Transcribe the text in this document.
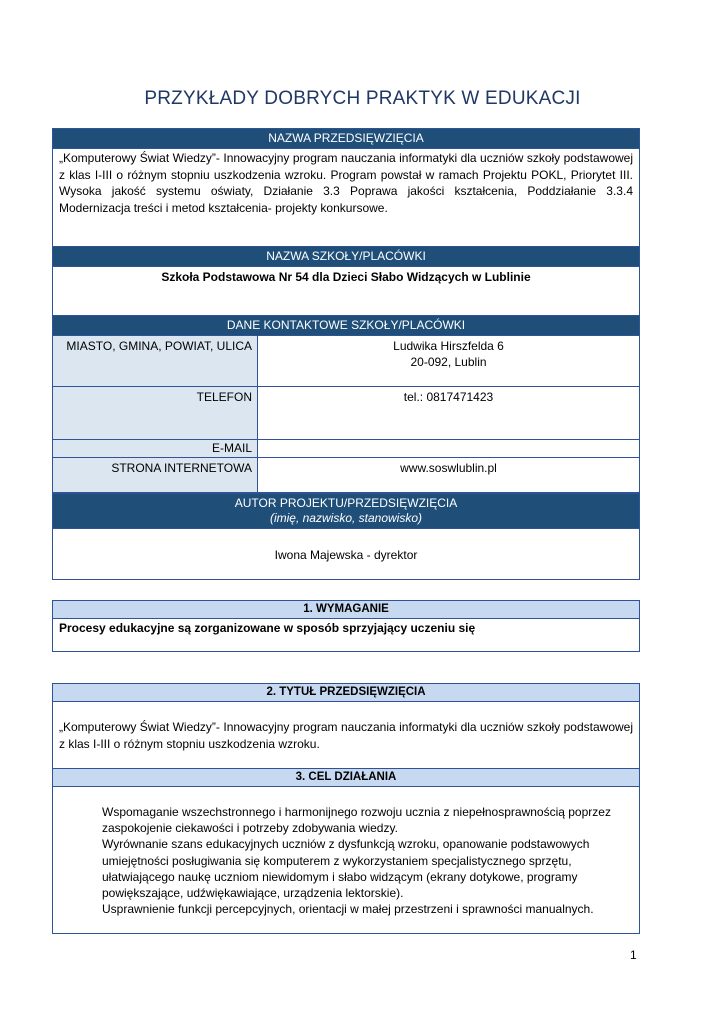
PRZYKŁADY DOBRYCH PRAKTYK W EDUKACJI
NAZWA PRZEDSIĘWZIĘCIA
„Komputerowy Świat Wiedzy”- Innowacyjny program nauczania informatyki dla uczniów szkoły podstawowej z klas I-III o różnym stopniu uszkodzenia wzroku. Program powstał w ramach Projektu POKL, Priorytet III. Wysoka jakość systemu oświaty, Działanie 3.3 Poprawa jakości kształcenia, Poddziałanie 3.3.4 Modernizacja treści i metod kształcenia- projekty konkursowe.
NAZWA SZKOŁY/PLACÓWKI
Szkoła Podstawowa Nr 54 dla Dzieci Słabo Widzących w Lublinie
DANE KONTAKTOWE SZKOŁY/PLACÓWKI
MIASTO, GMINA, POWIAT, ULICA	Ludwika Hirszfelda 6
20-092, Lublin
TELEFON	tel.: 0817471423
E-MAIL
STRONA INTERNETOWA	www.soswlublin.pl
AUTOR PROJEKTU/PRZEDSIĘWZIĘCIA
(imię, nazwisko, stanowisko)
Iwona Majewska - dyrektor
1. WYMAGANIE
Procesy edukacyjne są zorganizowane w sposób sprzyjający uczeniu się
2. TYTUŁ PRZEDSIĘWZIĘCIA
„Komputerowy Świat Wiedzy”- Innowacyjny program nauczania informatyki dla uczniów szkoły podstawowej z klas I-III o różnym stopniu uszkodzenia wzroku.
3. CEL DZIAŁANIA

Wspomaganie wszechstronnego i harmonijnego rozwoju ucznia z niepełnosprawnością poprzez zaspokojenie ciekawości i potrzeby zdobywania wiedzy.

Wyrównanie szans edukacyjnych uczniów z dysfunkcją wzroku, opanowanie podstawowych umiejętności posługiwania się komputerem z wykorzystaniem specjalistycznego sprzętu, ułatwiającego naukę uczniom niewidomym i słabo widzącym (ekrany dotykowe, programy powiększające, udźwiękawiające, urządzenia lektorskie).

Usprawnienie funkcji percepcyjnych, orientacji w małej przestrzeni i sprawności manualnych.

1
